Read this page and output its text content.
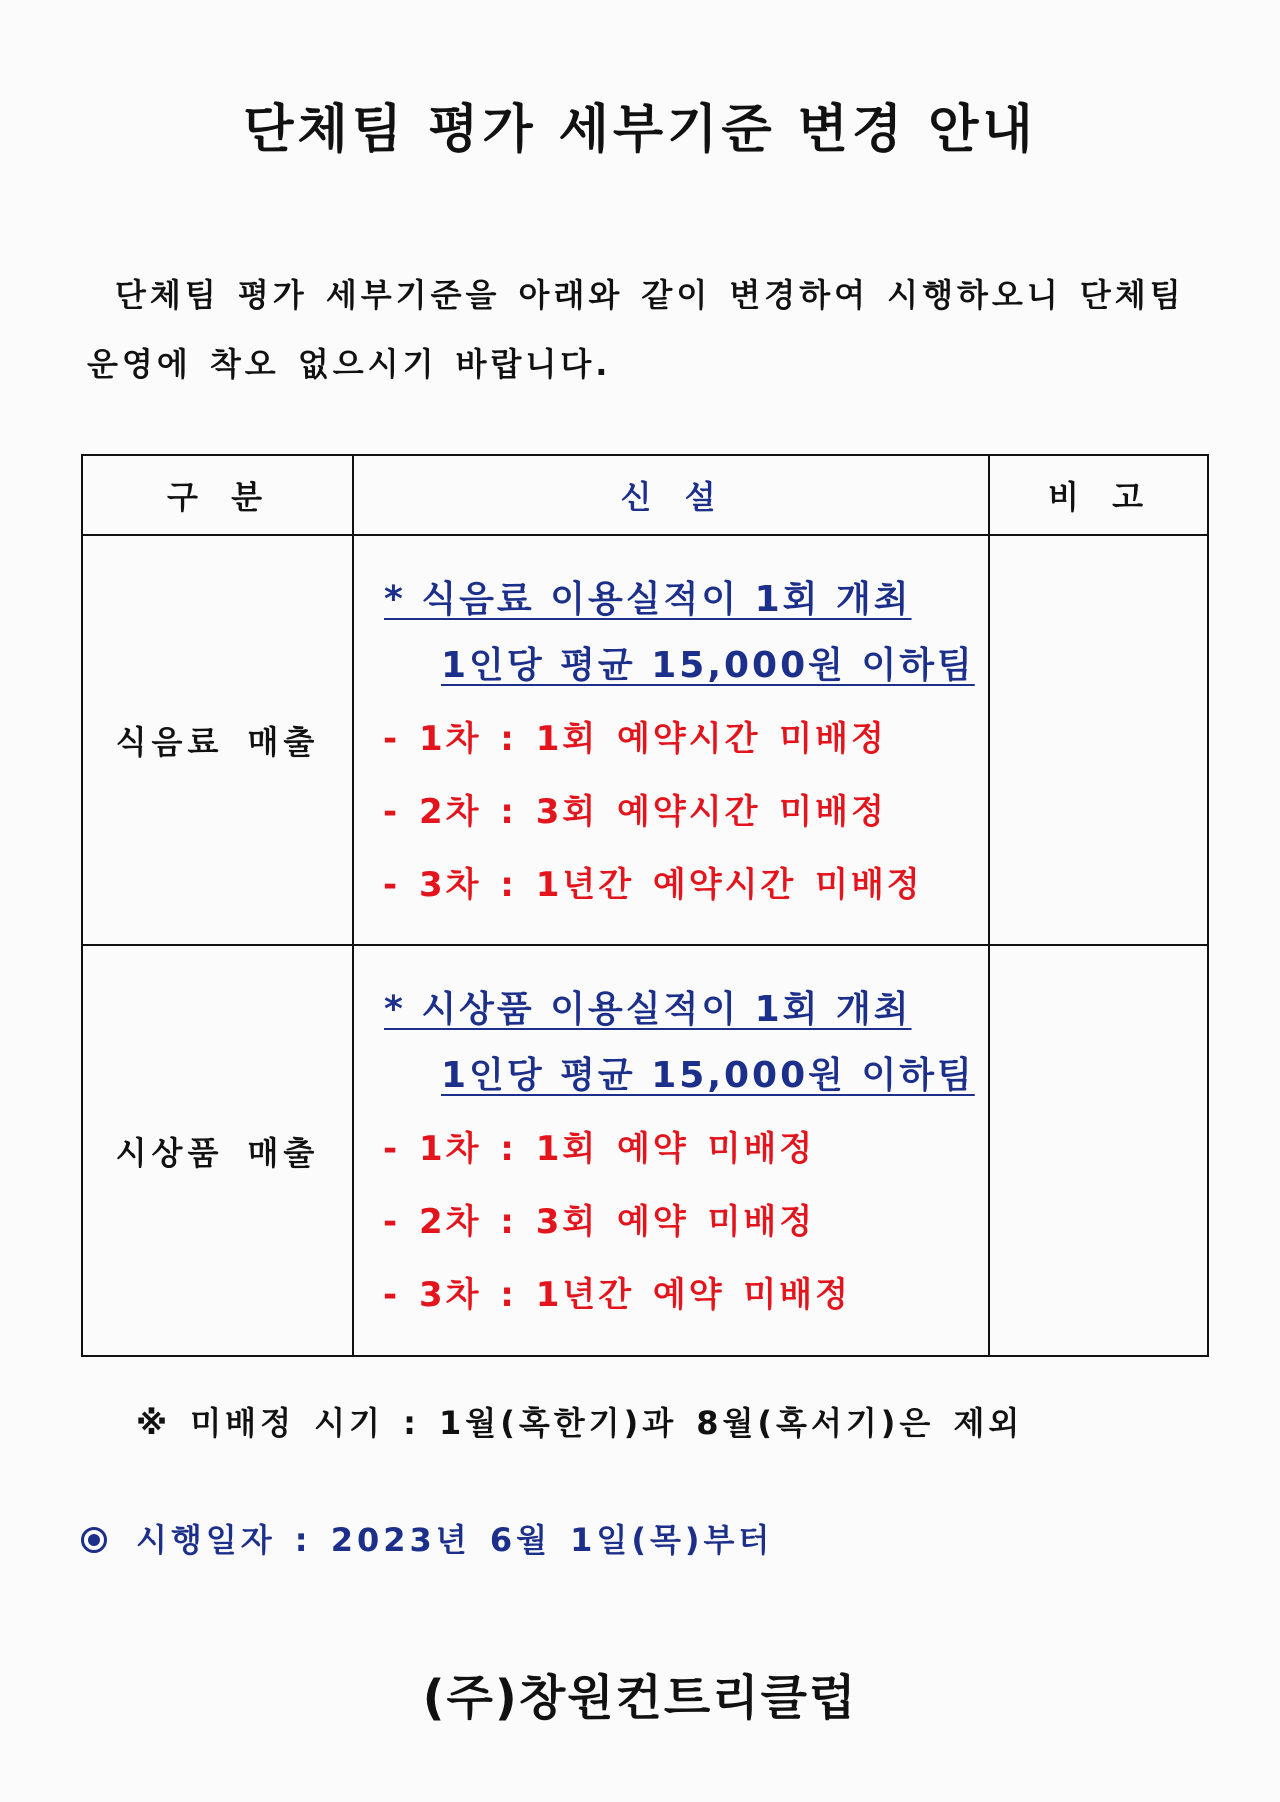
단체팀 평가 세부기준 변경 안내
단체팀 평가 세부기준을 아래와 같이 변경하여 시행하오니 단체팀
운영에 착오 없으시기 바랍니다.
구 분	신 설	비 고
식음료 매출	* 식음료 이용실적이 1회 개최
1인당 평균 15,000원 이하팀
- 1차 : 1회 예약시간 미배정
- 2차 : 3회 예약시간 미배정
- 3차 : 1년간 예약시간 미배정	

시상품 매출	* 시상품 이용실적이 1회 개최
1인당 평균 15,000원 이하팀
- 1차 : 1회 예약 미배정
- 2차 : 3회 예약 미배정
- 3차 : 1년간 예약 미배정	

※ 미배정 시기 : 1월(혹한기)과 8월(혹서기)은 제외
시행일자 : 2023년 6월 1일(목)부터
(주)창원컨트리클럽
